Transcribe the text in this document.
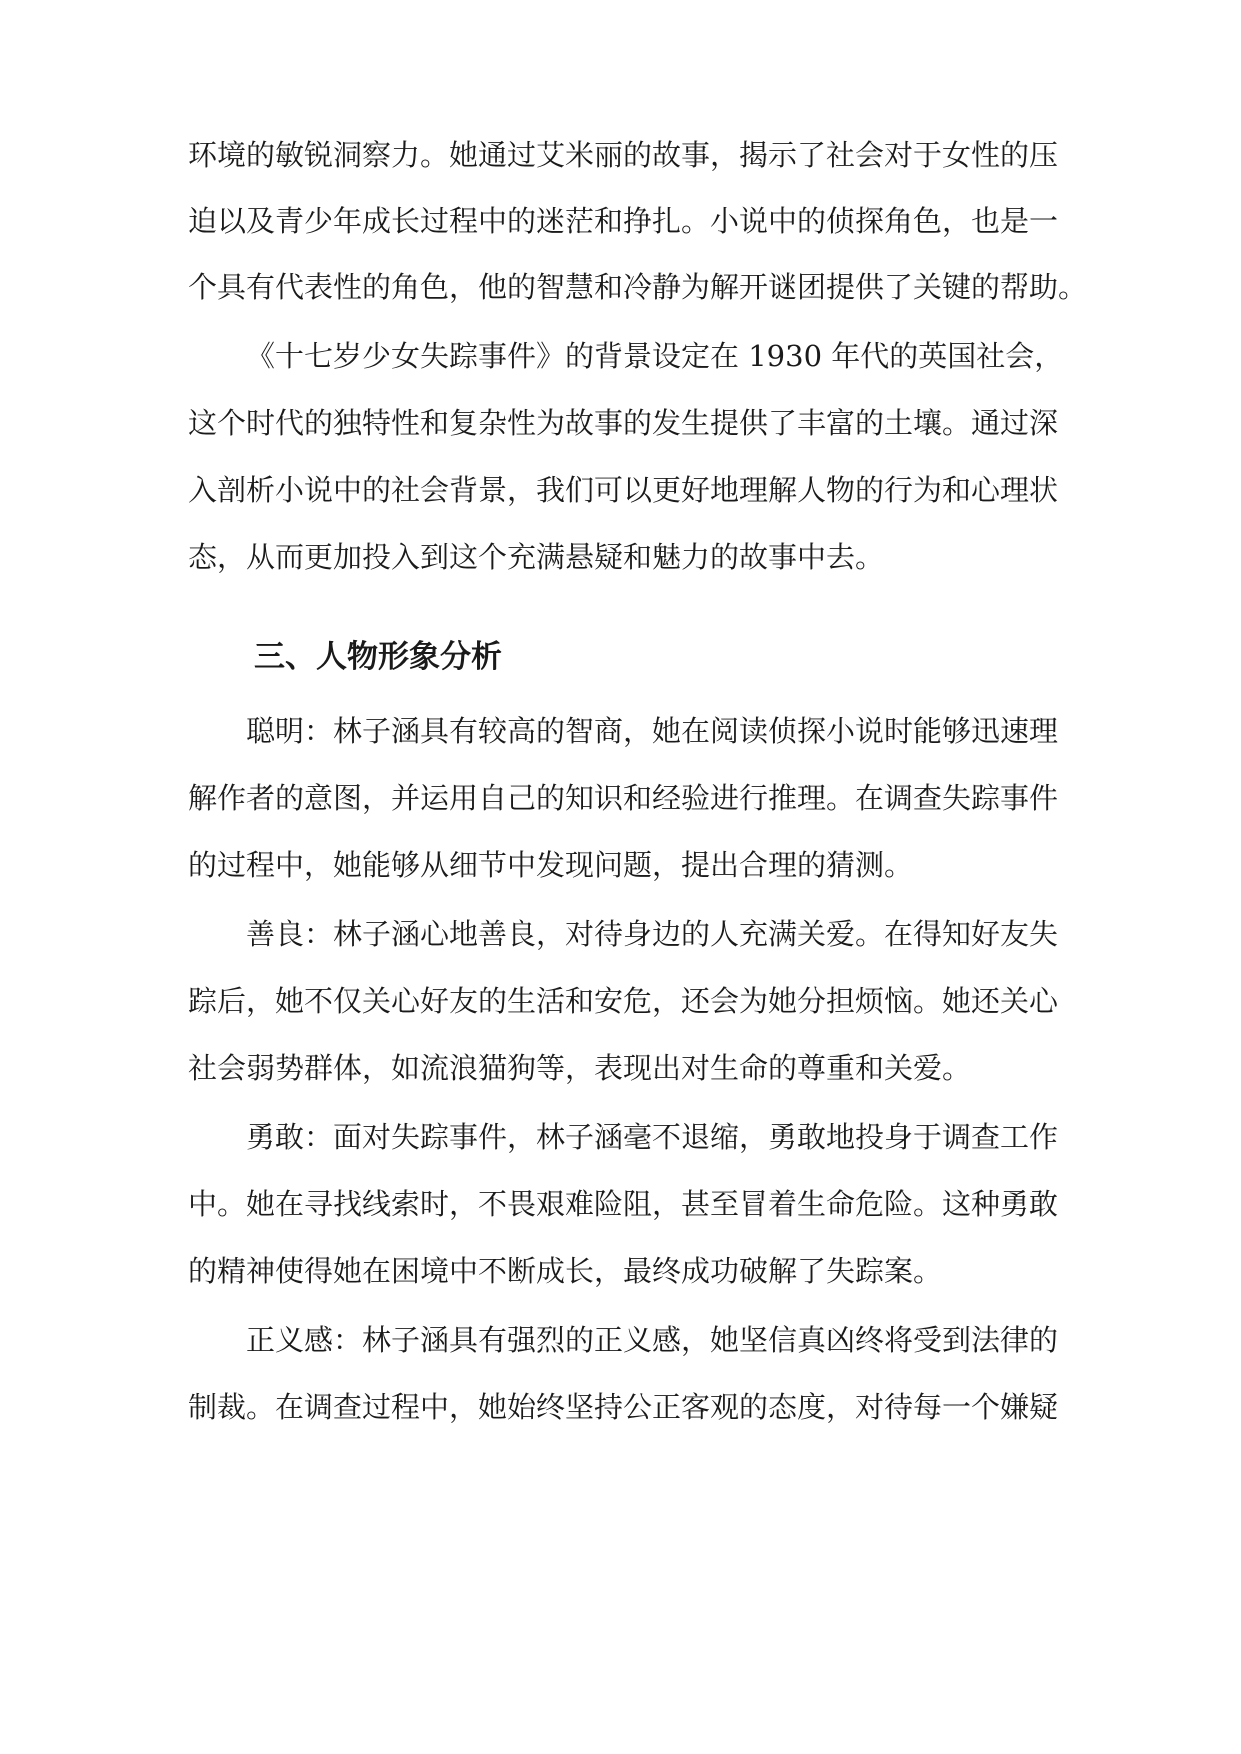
环境的敏锐洞察力。她通过艾米丽的故事，揭示了社会对于女性的压
迫以及青少年成长过程中的迷茫和挣扎。小说中的侦探角色，也是一
个具有代表性的角色，他的智慧和冷静为解开谜团提供了关键的帮助。
《十七岁少女失踪事件》的背景设定在 1930 年代的英国社会，
这个时代的独特性和复杂性为故事的发生提供了丰富的土壤。通过深
入剖析小说中的社会背景，我们可以更好地理解人物的行为和心理状
态，从而更加投入到这个充满悬疑和魅力的故事中去。
三、人物形象分析
聪明：林子涵具有较高的智商，她在阅读侦探小说时能够迅速理
解作者的意图，并运用自己的知识和经验进行推理。在调查失踪事件
的过程中，她能够从细节中发现问题，提出合理的猜测。
善良：林子涵心地善良，对待身边的人充满关爱。在得知好友失
踪后，她不仅关心好友的生活和安危，还会为她分担烦恼。她还关心
社会弱势群体，如流浪猫狗等，表现出对生命的尊重和关爱。
勇敢：面对失踪事件，林子涵毫不退缩，勇敢地投身于调查工作
中。她在寻找线索时，不畏艰难险阻，甚至冒着生命危险。这种勇敢
的精神使得她在困境中不断成长，最终成功破解了失踪案。
正义感：林子涵具有强烈的正义感，她坚信真凶终将受到法律的
制裁。在调查过程中，她始终坚持公正客观的态度，对待每一个嫌疑
